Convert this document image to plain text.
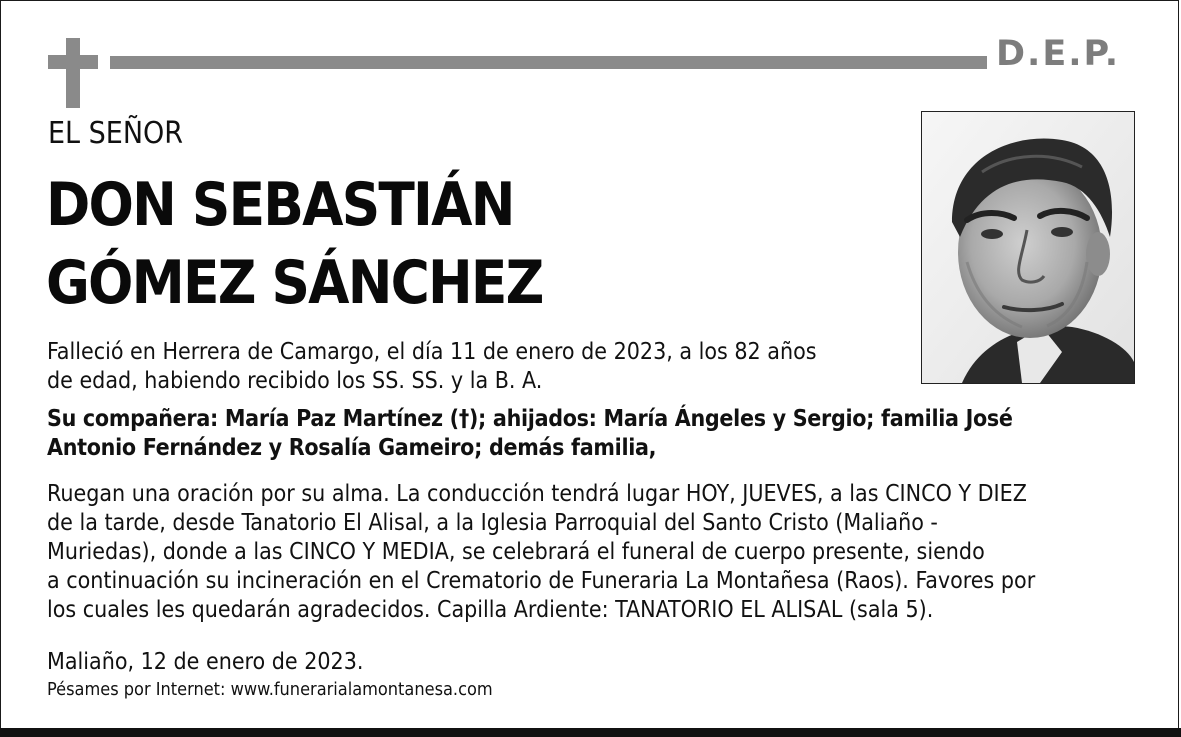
D.E.P.
EL SEÑOR
DON SEBASTIÁN
GÓMEZ SÁNCHEZ
Falleció en Herrera de Camargo, el día 11 de enero de 2023, a los 82 años
de edad, habiendo recibido los SS. SS. y la B. A.
Su compañera: María Paz Martínez (†); ahijados: María Ángeles y Sergio; familia José
Antonio Fernández y Rosalía Gameiro; demás familia,
Ruegan una oración por su alma. La conducción tendrá lugar HOY, JUEVES, a las CINCO Y DIEZ
de la tarde, desde Tanatorio El Alisal, a la Iglesia Parroquial del Santo Cristo (Maliaño -
Muriedas), donde a las CINCO Y MEDIA, se celebrará el funeral de cuerpo presente, siendo
a continuación su incineración en el Crematorio de Funeraria La Montañesa (Raos). Favores por
los cuales les quedarán agradecidos. Capilla Ardiente: TANATORIO EL ALISAL (sala 5).
Maliaño, 12 de enero de 2023.
Pésames por Internet: www.funerarialamontanesa.com
